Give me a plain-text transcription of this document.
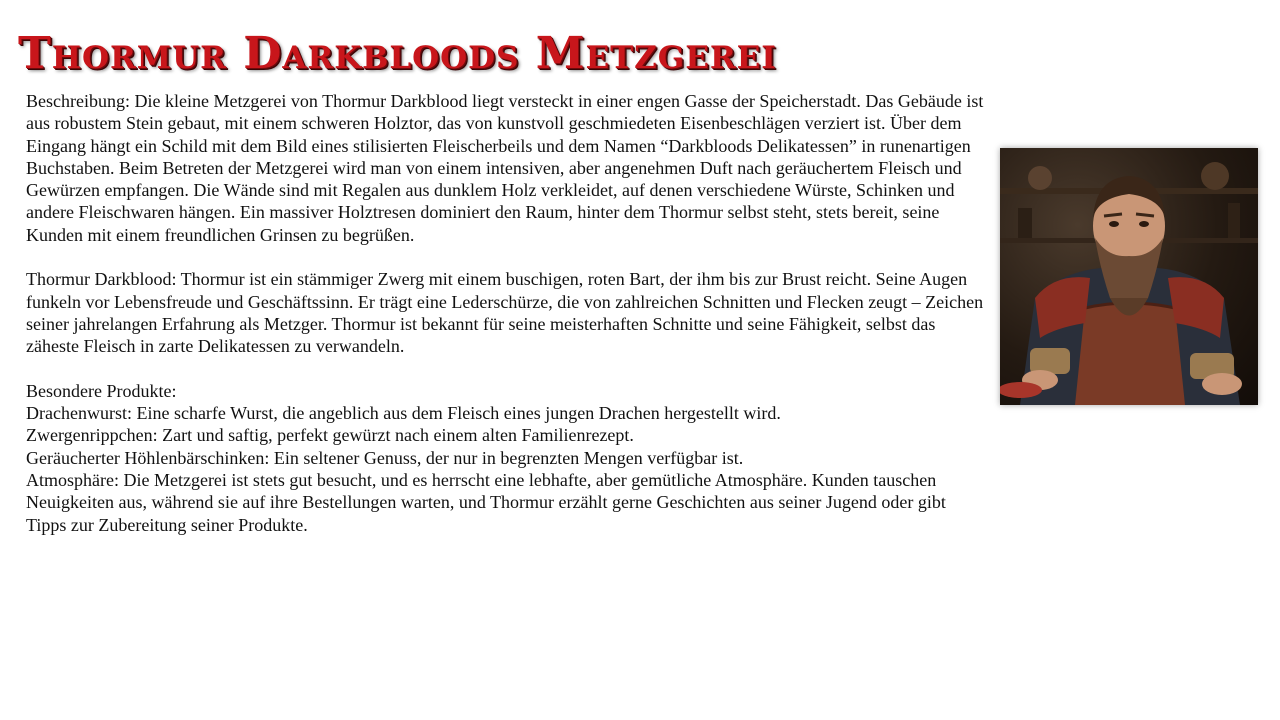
Thormur Darkbloods Metzgerei

Beschreibung: Die kleine Metzgerei von Thormur Darkblood liegt versteckt in einer engen Gasse der Speicherstadt. Das Gebäude ist aus robustem Stein gebaut, mit einem schweren Holztor, das von kunstvoll geschmiedeten Eisenbeschlägen verziert ist. Über dem Eingang hängt ein Schild mit dem Bild eines stilisierten Fleischerbeils und dem Namen “Darkbloods Delikatessen” in runenartigen Buchstaben. Beim Betreten der Metzgerei wird man von einem intensiven, aber angenehmen Duft nach geräuchertem Fleisch und Gewürzen empfangen. Die Wände sind mit Regalen aus dunklem Holz verkleidet, auf denen verschiedene Würste, Schinken und andere Fleischwaren hängen. Ein massiver Holztresen dominiert den Raum, hinter dem Thormur selbst steht, stets bereit, seine Kunden mit einem freundlichen Grinsen zu begrüßen.

Thormur Darkblood: Thormur ist ein stämmiger Zwerg mit einem buschigen, roten Bart, der ihm bis zur Brust reicht. Seine Augen funkeln vor Lebensfreude und Geschäftssinn. Er trägt eine Lederschürze, die von zahlreichen Schnitten und Flecken zeugt – Zeichen seiner jahrelangen Erfahrung als Metzger. Thormur ist bekannt für seine meisterhaften Schnitte und seine Fähigkeit, selbst das zäheste Fleisch in zarte Delikatessen zu verwandeln.

Besondere Produkte:

Drachenwurst: Eine scharfe Wurst, die angeblich aus dem Fleisch eines jungen Drachen hergestellt wird.

Zwergenrippchen: Zart und saftig, perfekt gewürzt nach einem alten Familienrezept.

Geräucherter Höhlenbärschinken: Ein seltener Genuss, der nur in begrenzten Mengen verfügbar ist.

Atmosphäre: Die Metzgerei ist stets gut besucht, und es herrscht eine lebhafte, aber gemütliche Atmosphäre. Kunden tauschen Neuigkeiten aus, während sie auf ihre Bestellungen warten, und Thormur erzählt gerne Geschichten aus seiner Jugend oder gibt Tipps zur Zubereitung seiner Produkte.
